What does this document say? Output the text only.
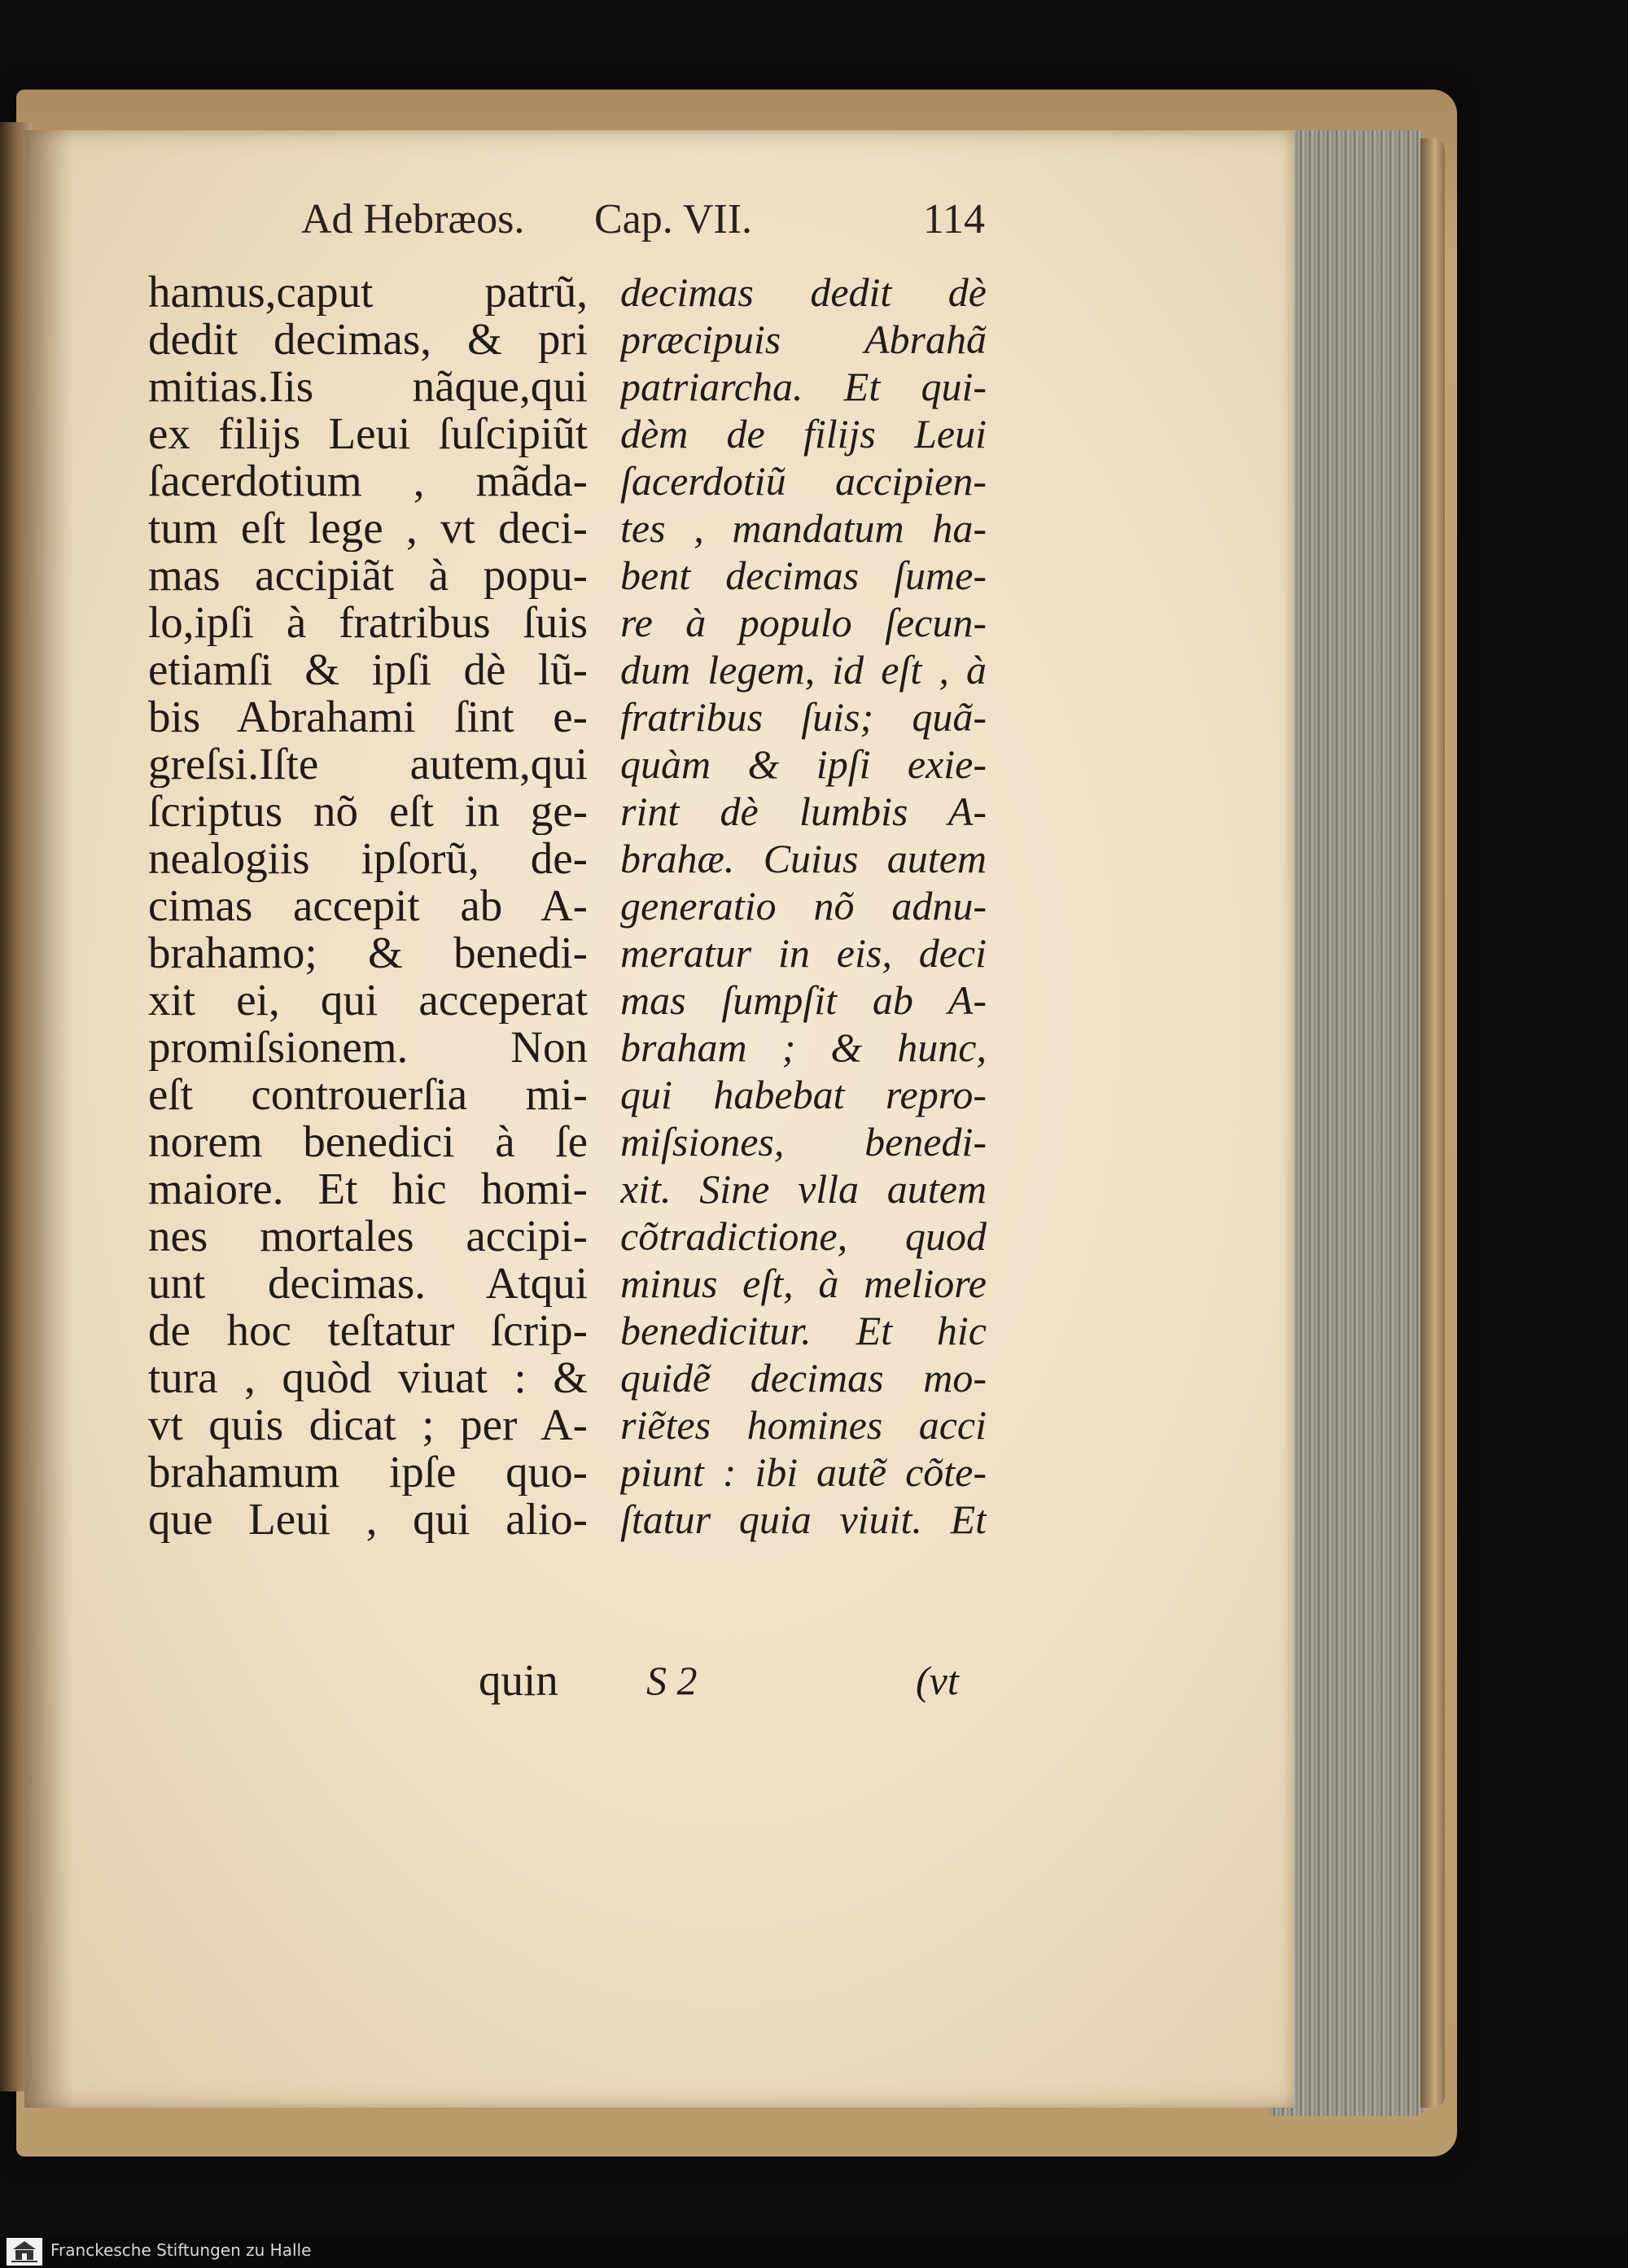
Ad Hebræos. Cap. VII.	114
hamus,caput patrũ,
dedit decimas, & pri
mitias.Iis nãque,qui
ex filijs Leui ſuſcipiũt
ſacerdotium , mãda-
tum eſt lege , vt deci-
mas accipiãt à popu-
lo,ipſi à fratribus ſuis
etiamſi & ipſi dè lũ-
bis Abrahami ſint e-
greſsi.Iſte autem,qui
ſcriptus nõ eſt in ge-
nealogiis ipſorũ, de-
cimas accepit ab A-
brahamo; & benedi-
xit ei, qui acceperat
promiſsionem. Non
eſt controuerſia mi-
norem benedici à ſe
maiore. Et hic homi-
nes mortales accipi-
unt decimas. Atqui
de hoc teſtatur ſcrip-
tura , quòd viuat : &
vt quis dicat ; per A-
brahamum ipſe quo-
que Leui , qui alio-
decimas dedit dè
præcipuis Abrahã
patriarcha. Et qui-
dèm de filijs Leui
ſacerdotiũ accipien-
tes , mandatum ha-
bent decimas ſume-
re à populo ſecun-
dum legem, id eſt , à
fratribus ſuis; quã-
quàm & ipſi exie-
rint dè lumbis A-
brahæ. Cuius autem
generatio nõ adnu-
meratur in eis, deci
mas ſumpſit ab A-
braham ; & hunc,
qui habebat repro-
miſsiones, benedi-
xit. Sine vlla autem
cõtradictione, quod
minus eſt, à meliore
benedicitur. Et hic
quidẽ decimas mo-
riẽtes homines acci
piunt : ibi autẽ cõte-
ſtatur quia viuit. Et
quin S 2	(vt
Franckesche Stiftungen zu Halle
